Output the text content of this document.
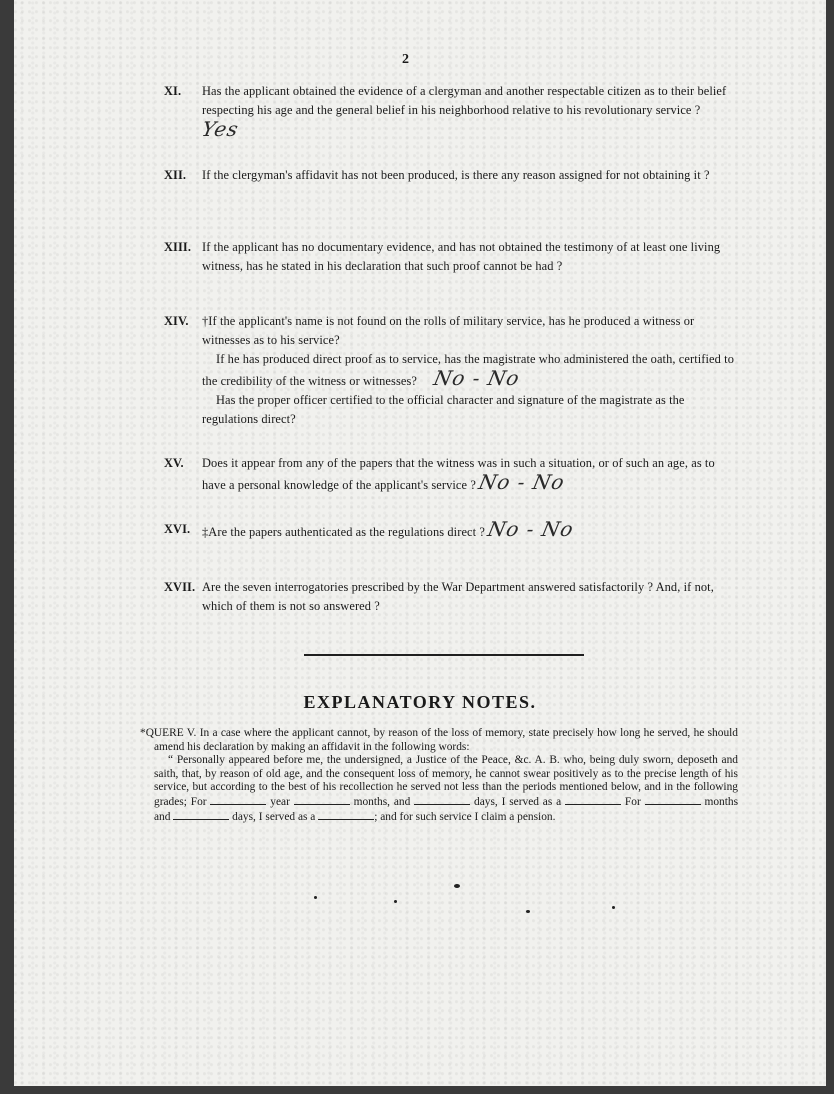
2
XI.	Has the applicant obtained the evidence of a clergyman and another respectable citizen as to their belief respecting his age and the general belief in his neighborhood relative to his revolutionary service ? Yes
XII.	If the clergyman's affidavit has not been produced, is there any reason assigned for not obtaining it ?
XIII. If the applicant has no documentary evidence, and has not obtained the testimony of at least one living witness, has he stated in his declaration that such proof cannot be had ?
XIV.	†If the applicant's name is not found on the rolls of military service, has he produced a witness or witnesses as to his service?
If he has produced direct proof as to service, has the magistrate who administered the oath, certified to the credibility of the witness or witnesses? No - No
Has the proper officer certified to the official character and signature of the magistrate as the regulations direct?
XV.	Does it appear from any of the papers that the witness was in such a situation, or of such an age, as to have a personal knowledge of the applicant's service ? No - No
XVI. ‡Are the papers authenticated as the regulations direct ? No - No
XVII. Are the seven interrogatories prescribed by the War Department answered satisfactorily ? And, if not, which of them is not so answered ?
EXPLANATORY NOTES.
*QUERE V. In a case where the applicant cannot, by reason of the loss of memory, state precisely how long he served, he should amend his declaration by making an affidavit in the following words:
“ Personally appeared before me, the undersigned, a Justice of the Peace, &c. A. B. who, being duly sworn, deposeth and saith, that, by reason of old age, and the consequent loss of memory, he cannot swear positively as to the precise length of his service, but according to the best of his recollection he served not less than the periods mentioned below, and in the following grades; For	year	months, and	days, I served as a	For	months and	days, I served as a	; and for such service I claim a pension.
